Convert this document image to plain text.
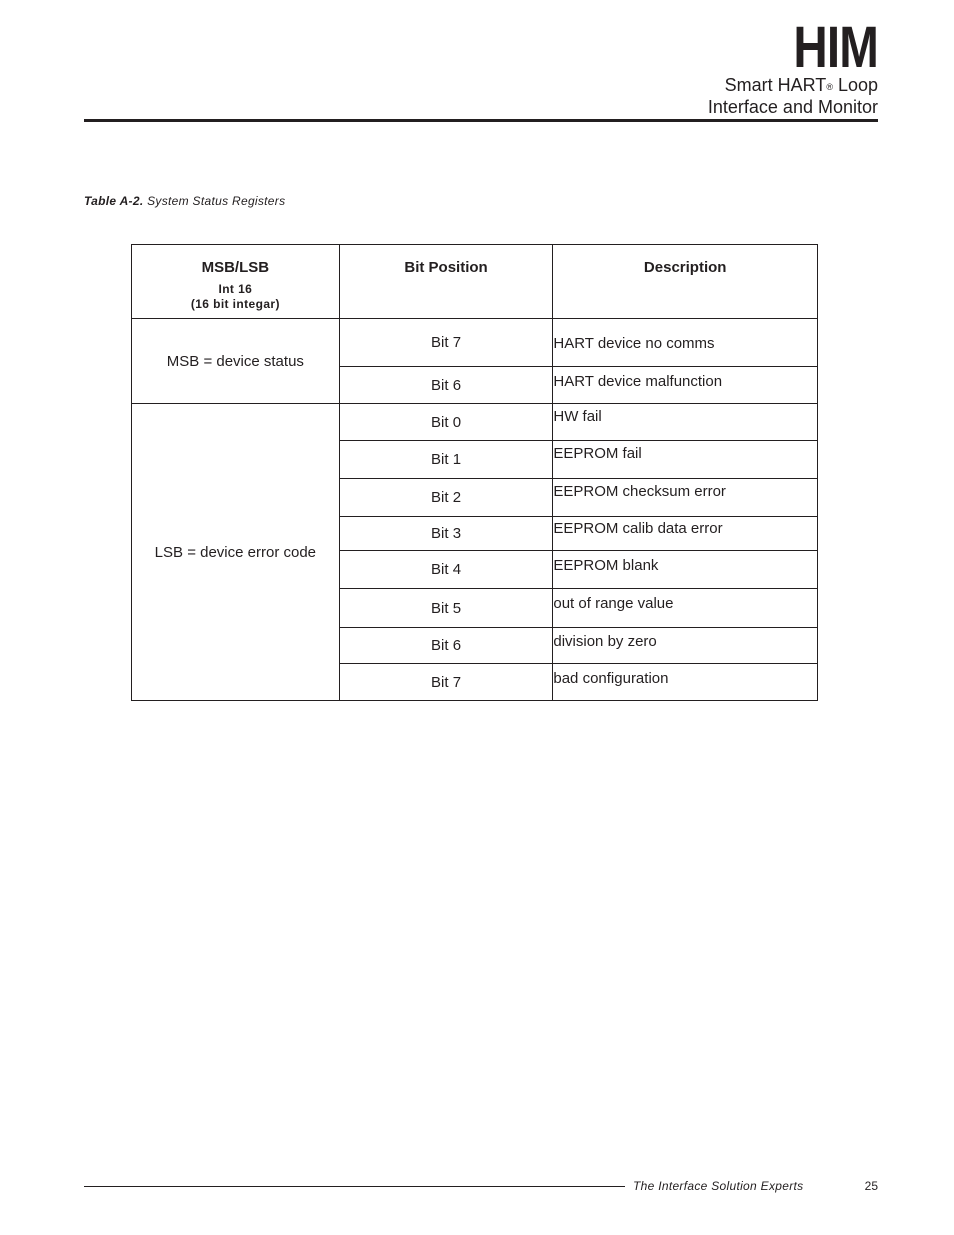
HIM
Smart HART® Loop
Interface and Monitor
Table A-2. System Status Registers
MSB/LSB
Int 16
(16 bit integar)	Bit Position	Description
MSB = device status	Bit 7	HART device no comms
	Bit 6	HART device malfunction
LSB = device error code	Bit 0	HW fail
	Bit 1	EEPROM fail
	Bit 2	EEPROM checksum error
	Bit 3	EEPROM calib data error
	Bit 4	EEPROM blank
	Bit 5	out of range value
	Bit 6	division by zero
	Bit 7	bad configuration
The Interface Solution Experts	25
